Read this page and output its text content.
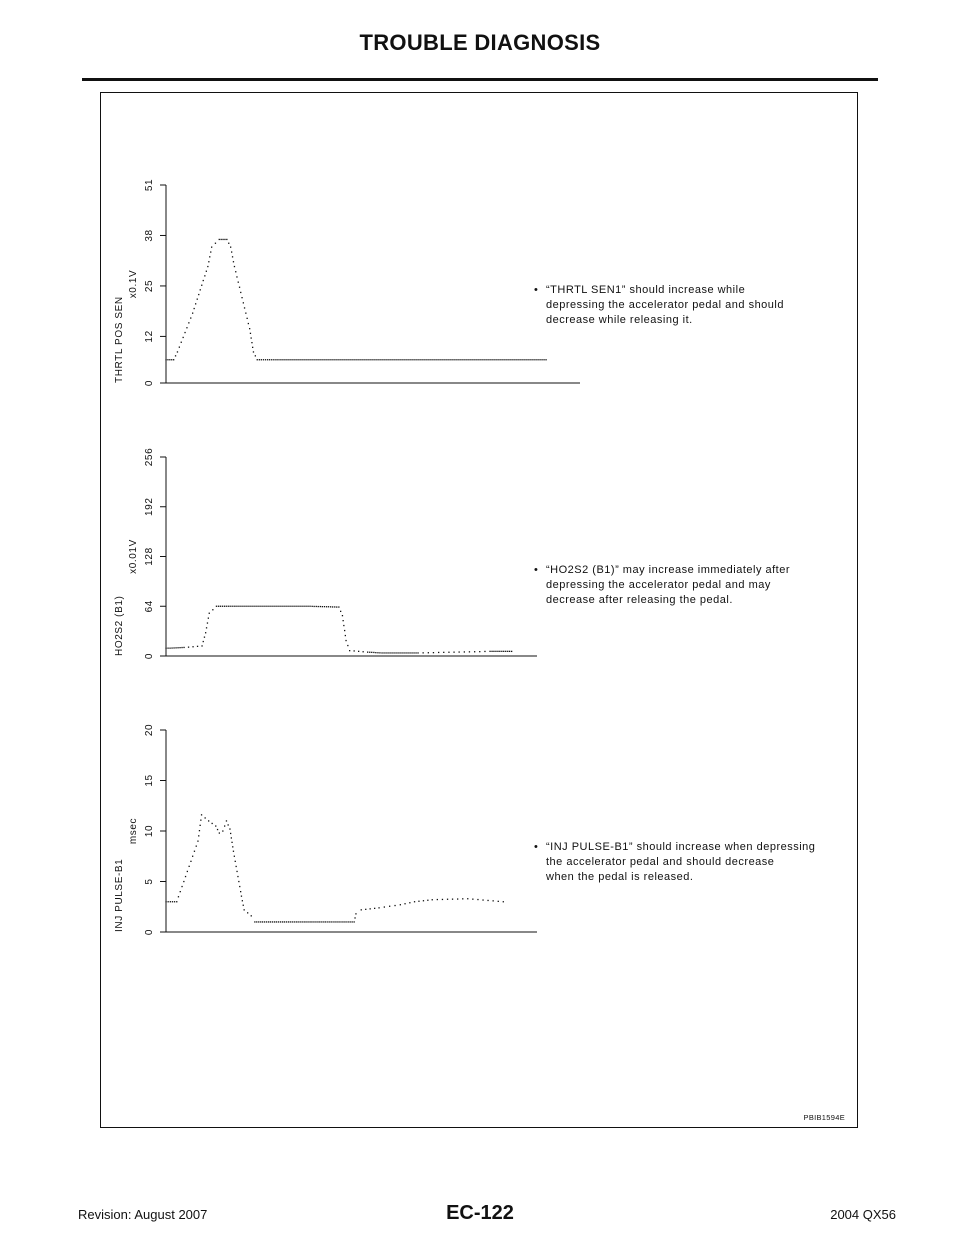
TROUBLE DIAGNOSIS
PBIB1594E
0
12
25
38
51
x0.1V
THRTL POS SEN
0
64
128
192
256
x0.01V
HO2S2 (B1)
0
5
10
15
20
msec
INJ PULSE-B1
• “THRTL SEN1” should increase while
depressing the accelerator pedal and should
decrease while releasing it.
• “HO2S2 (B1)” may increase immediately after
depressing the accelerator pedal and may
decrease after releasing the pedal.
• “INJ PULSE-B1” should increase when depressing
the accelerator pedal and should decrease
when the pedal is released.
Revision: August 2007	EC-122	2004 QX56
